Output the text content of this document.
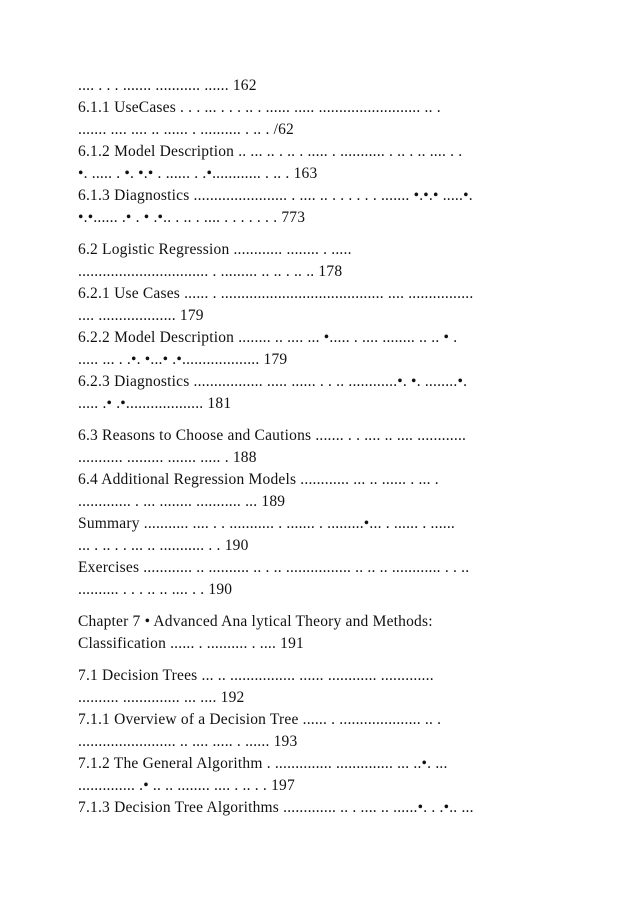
.... . . . ....... ........... ...... 162

6.1.1 UseCases . . . ... . . . .. . ...... ..... ......................... .. .

....... .... .... .. ...... . .......... . .. . /62

6.1.2 Model Description .. ... .. . .. . ..... . ........... . .. . .. .... . .

•. ..... . •. •.• . ...... . .•............ . .. . 163

6.1.3 Diagnostics ....................... . .... .. . . . . . . ....... •.•.• .....•.

•.•...... .• . • .•.. . .. . .... . . . . . . . 773

6.2 Logistic Regression ............ ........ . .....

................................ . ......... .. .. . .. .. 178

6.2.1 Use Cases ...... . ........................................ .... ................

.... ................... 179

6.2.2 Model Description ........ .. .... ... •..... . .... ........ .. .. • .

..... ... . .•. •...• .•................... 179

6.2.3 Diagnostics ................. ..... ...... . . .. ............•. •. ........•.

..... .• .•................... 181

6.3 Reasons to Choose and Cautions ....... . . .... .. .... ............

........... ......... ....... ..... . 188

6.4 Additional Regression Models ............ ... .. ...... . ... .

............. . ... ........ ........... ... 189

Summary ........... .... . . ........... . ....... . .........•... . ...... . ......

... . .. . . ... .. ........... . . 190

Exercises ............ .. .......... .. . .. ................ .. .. .. ............ . . ..

.......... . . . .. .. .... . . 190

Chapter 7 • Advanced Ana lytical Theory and Methods:

Classification ...... . .......... . .... 191

7.1 Decision Trees ... .. ................ ...... ............ .............

.......... .............. ... .... 192

7.1.1 Overview of a Decision Tree ...... . .................... .. .

........................ .. .... ..... . ...... 193

7.1.2 The General Algorithm . .............. .............. ... ..•. ...

.............. .• .. .. ........ .... . .. . . 197

7.1.3 Decision Tree Algorithms ............. .. . .... .. ......•. . .•.. ...
